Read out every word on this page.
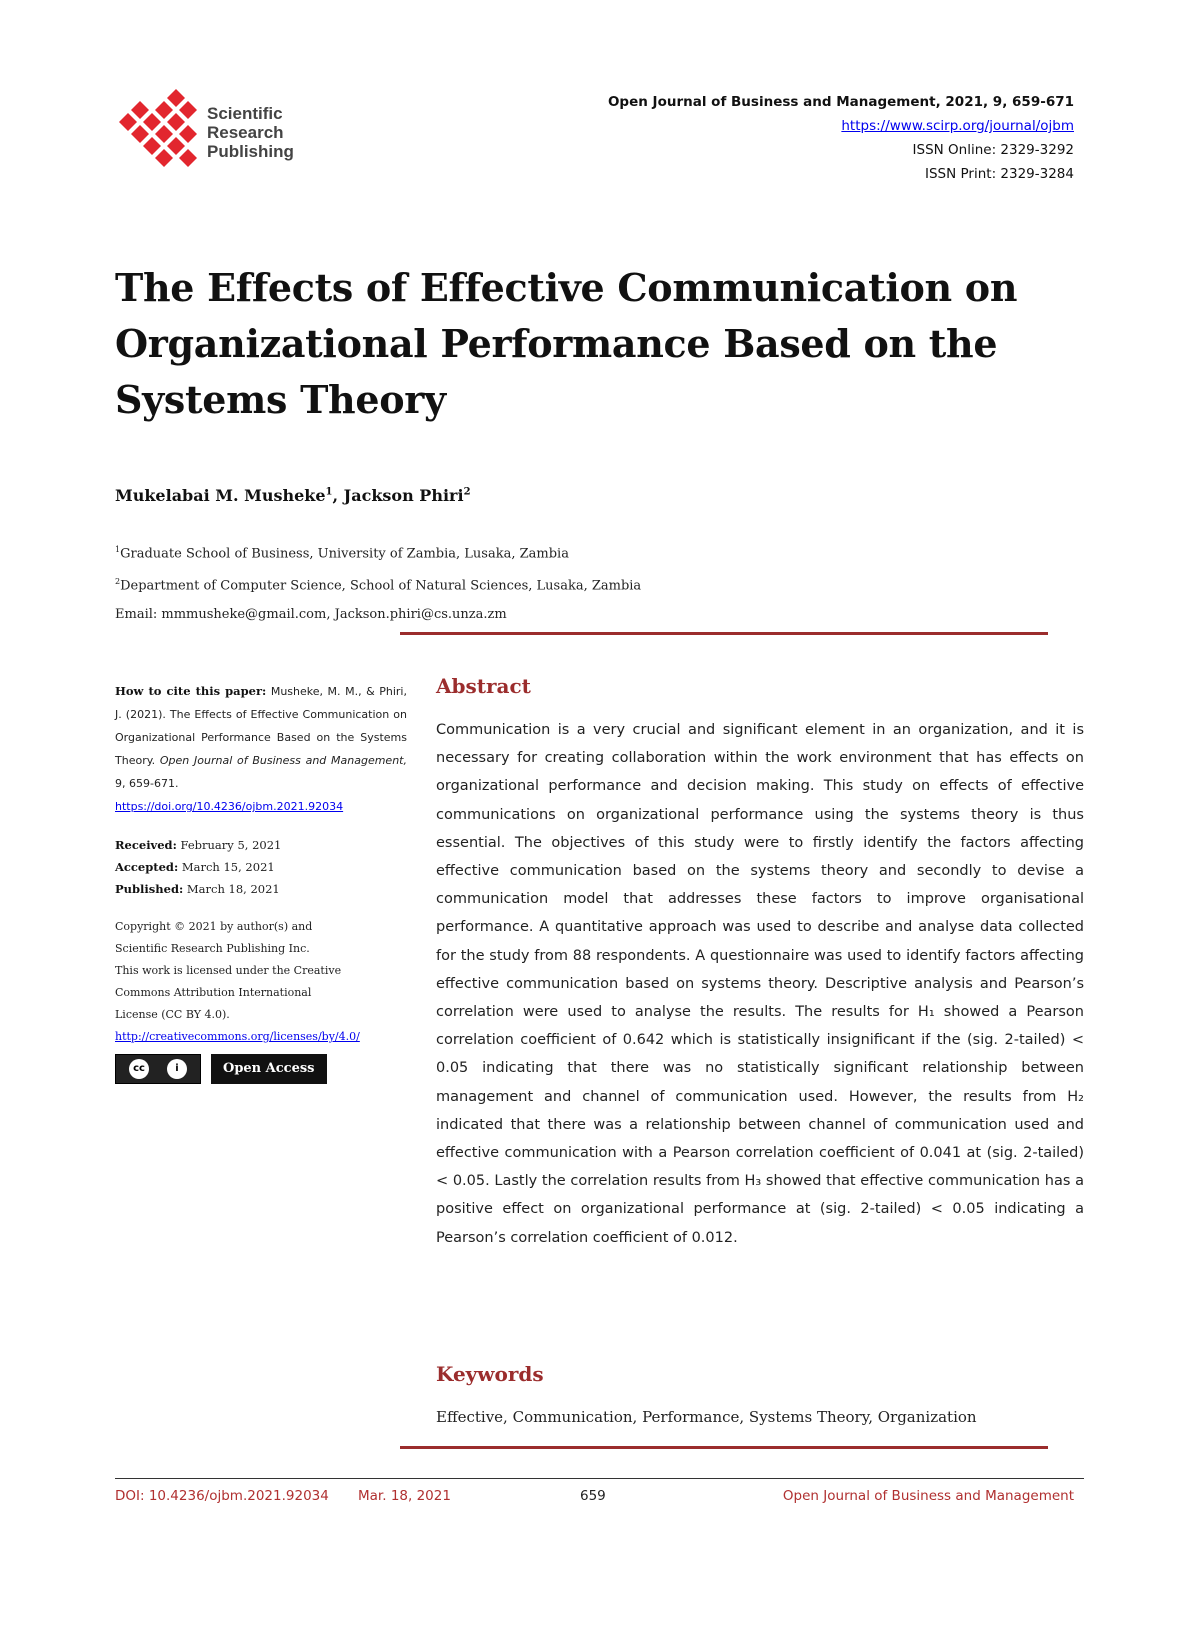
Scientific
Research
Publishing
Open Journal of Business and Management, 2021, 9, 659-671
https://www.scirp.org/journal/ojbm
ISSN Online: 2329-3292
ISSN Print: 2329-3284
The Effects of Effective Communication on
Organizational Performance Based on the
Systems Theory
Mukelabai M. Musheke$^1$, Jackson Phiri$^2$
$^1$Graduate School of Business, University of Zambia, Lusaka, Zambia
$^2$Department of Computer Science, School of Natural Sciences, Lusaka, Zambia
Email: mmmusheke@gmail.com, Jackson.phiri@cs.unza.zm
How to cite this paper: Musheke, M. M., & Phiri, J. (2021). The Effects of Effective Communication on Organizational Performance Based on the Systems Theory. Open Journal of Business and Management, 9, 659-671.
https://doi.org/10.4236/ojbm.2021.92034
Received: February 5, 2021
Accepted: March 15, 2021
Published: March 18, 2021
Copyright © 2021 by author(s) and
Scientific Research Publishing Inc.
This work is licensed under the Creative
Commons Attribution International
License (CC BY 4.0).
http://creativecommons.org/licenses/by/4.0/
cc	i	Open Access
Abstract
Communication is a very crucial and significant element in an organization, and it is necessary for creating collaboration within the work environment that has effects on organizational performance and decision making. This study on effects of effective communications on organizational performance using the systems theory is thus essential. The objectives of this study were to firstly identify the factors affecting effective communication based on the systems theory and secondly to devise a communication model that addresses these factors to improve organisational performance. A quantitative approach was used to describe and analyse data collected for the study from 88 respondents. A questionnaire was used to identify factors affecting effective communication based on systems theory. Descriptive analysis and Pearson’s correlation were used to analyse the results. The results for H₁ showed a Pearson correlation coefficient of 0.642 which is statistically insignificant if the (sig. 2-tailed) < 0.05 indicating that there was no statistically significant relationship between management and channel of communication used. However, the results from H₂ indicated that there was a relationship between channel of communication used and effective communication with a Pearson correlation coefficient of 0.041 at (sig. 2-tailed) < 0.05. Lastly the correlation results from H₃ showed that effective communication has a positive effect on organizational performance at (sig. 2-tailed) < 0.05 indicating a Pearson’s correlation coefficient of 0.012.
Keywords
Effective, Communication, Performance, Systems Theory, Organization
DOI: 10.4236/ojbm.2021.92034 Mar. 18, 2021	659	Open Journal of Business and Management
